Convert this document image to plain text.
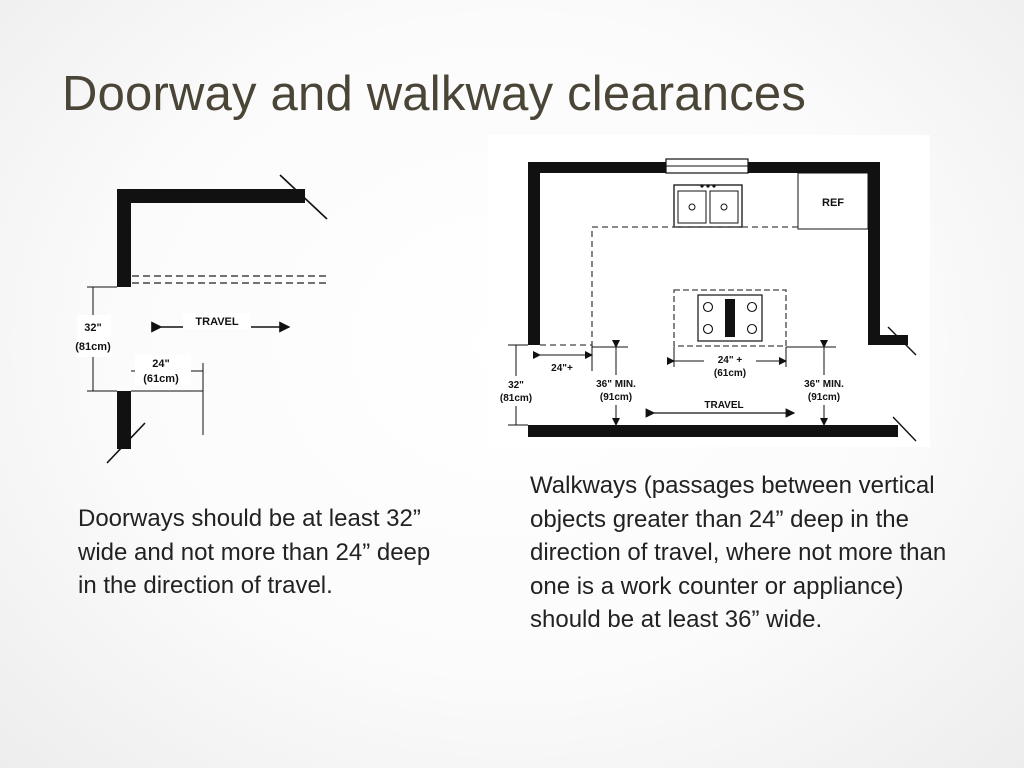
Doorway and walkway clearances
32"
(81cm)
TRAVEL
24"
(61cm)
REF
24"+
32"
(81cm)
36" MIN.
(91cm)
24" +
(61cm)
36" MIN.
(91cm)
TRAVEL
Doorways should be at least 32” wide and not more than 24” deep in the direction of travel.
Walkways (passages between vertical objects greater than 24” deep in the direction of travel, where not more than one is a work counter or appliance) should be at least 36” wide.
